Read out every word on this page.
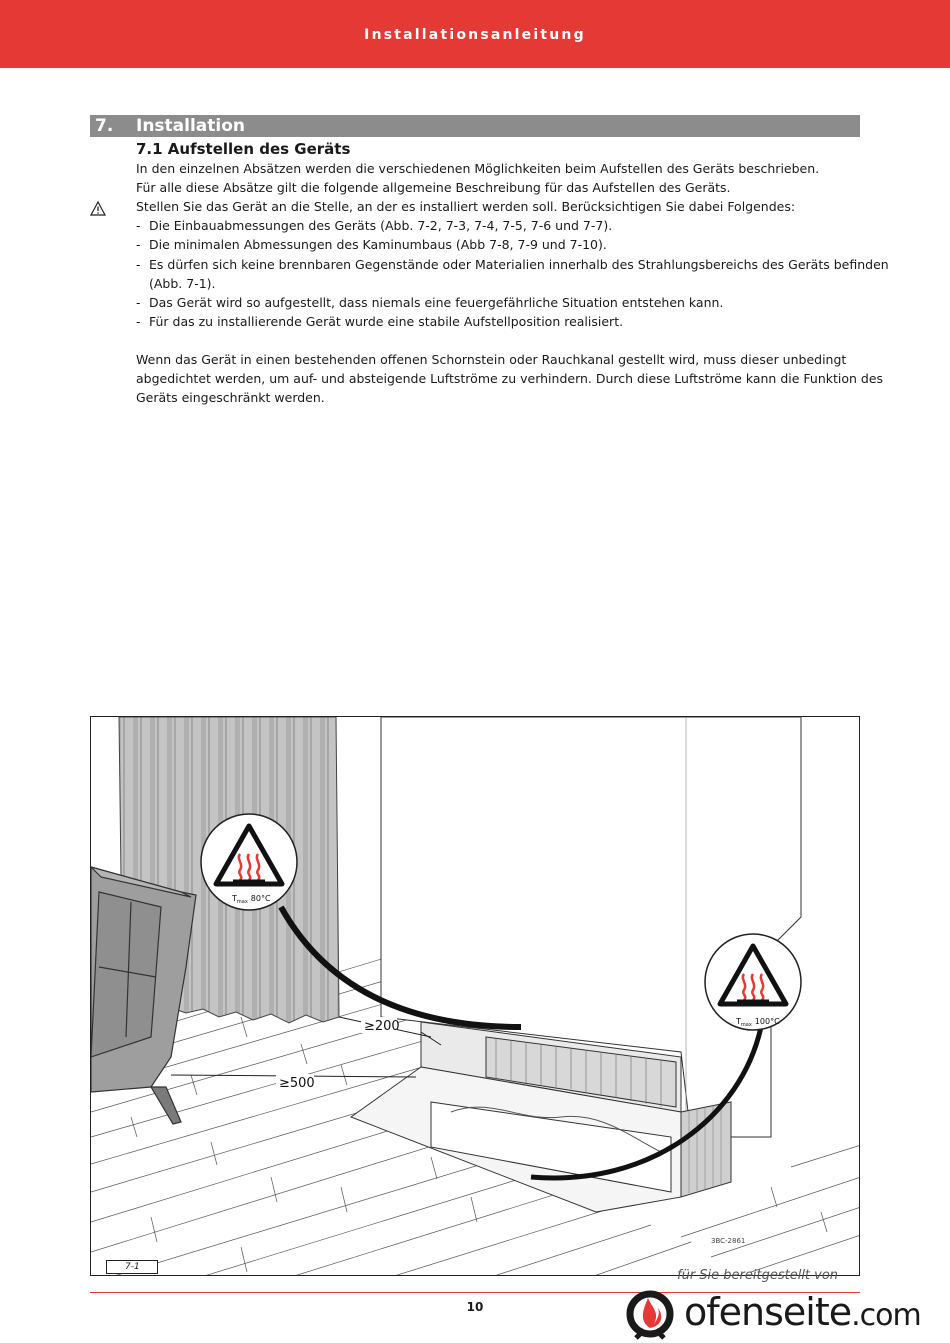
Installationsanleitung
7. Installation
7.1 Aufstellen des Geräts
In den einzelnen Absätzen werden die verschiedenen Möglichkeiten beim Aufstellen des Geräts beschrieben.
Für alle diese Absätze gilt die folgende allgemeine Beschreibung für das Aufstellen des Geräts.
Stellen Sie das Gerät an die Stelle, an der es installiert werden soll. Berücksichtigen Sie dabei Folgendes:
- Die Einbauabmessungen des Geräts (Abb. 7-2, 7-3, 7-4, 7-5, 7-6 und 7-7).
- Die minimalen Abmessungen des Kaminumbaus (Abb 7-8, 7-9 und 7-10).
- Es dürfen sich keine brennbaren Gegenstände oder Materialien innerhalb des Strahlungsbereichs des Geräts befinden
(Abb. 7-1).
- Das Gerät wird so aufgestellt, dass niemals eine feuergefährliche Situation entstehen kann.
- Für das zu installierende Gerät wurde eine stabile Aufstellposition realisiert.
Wenn das Gerät in einen bestehenden offenen Schornstein oder Rauchkanal gestellt wird, muss dieser unbedingt
abgedichtet werden, um auf- und absteigende Luftströme zu verhindern. Durch diese Luftströme kann die Funktion des
Geräts eingeschränkt werden.
$T_{max}$ 80°C
$T_{max}$ 100°C
≥200
≥500
3BC-2861
7-1
für Sie bereitgestellt von
10	ofenseite.com
